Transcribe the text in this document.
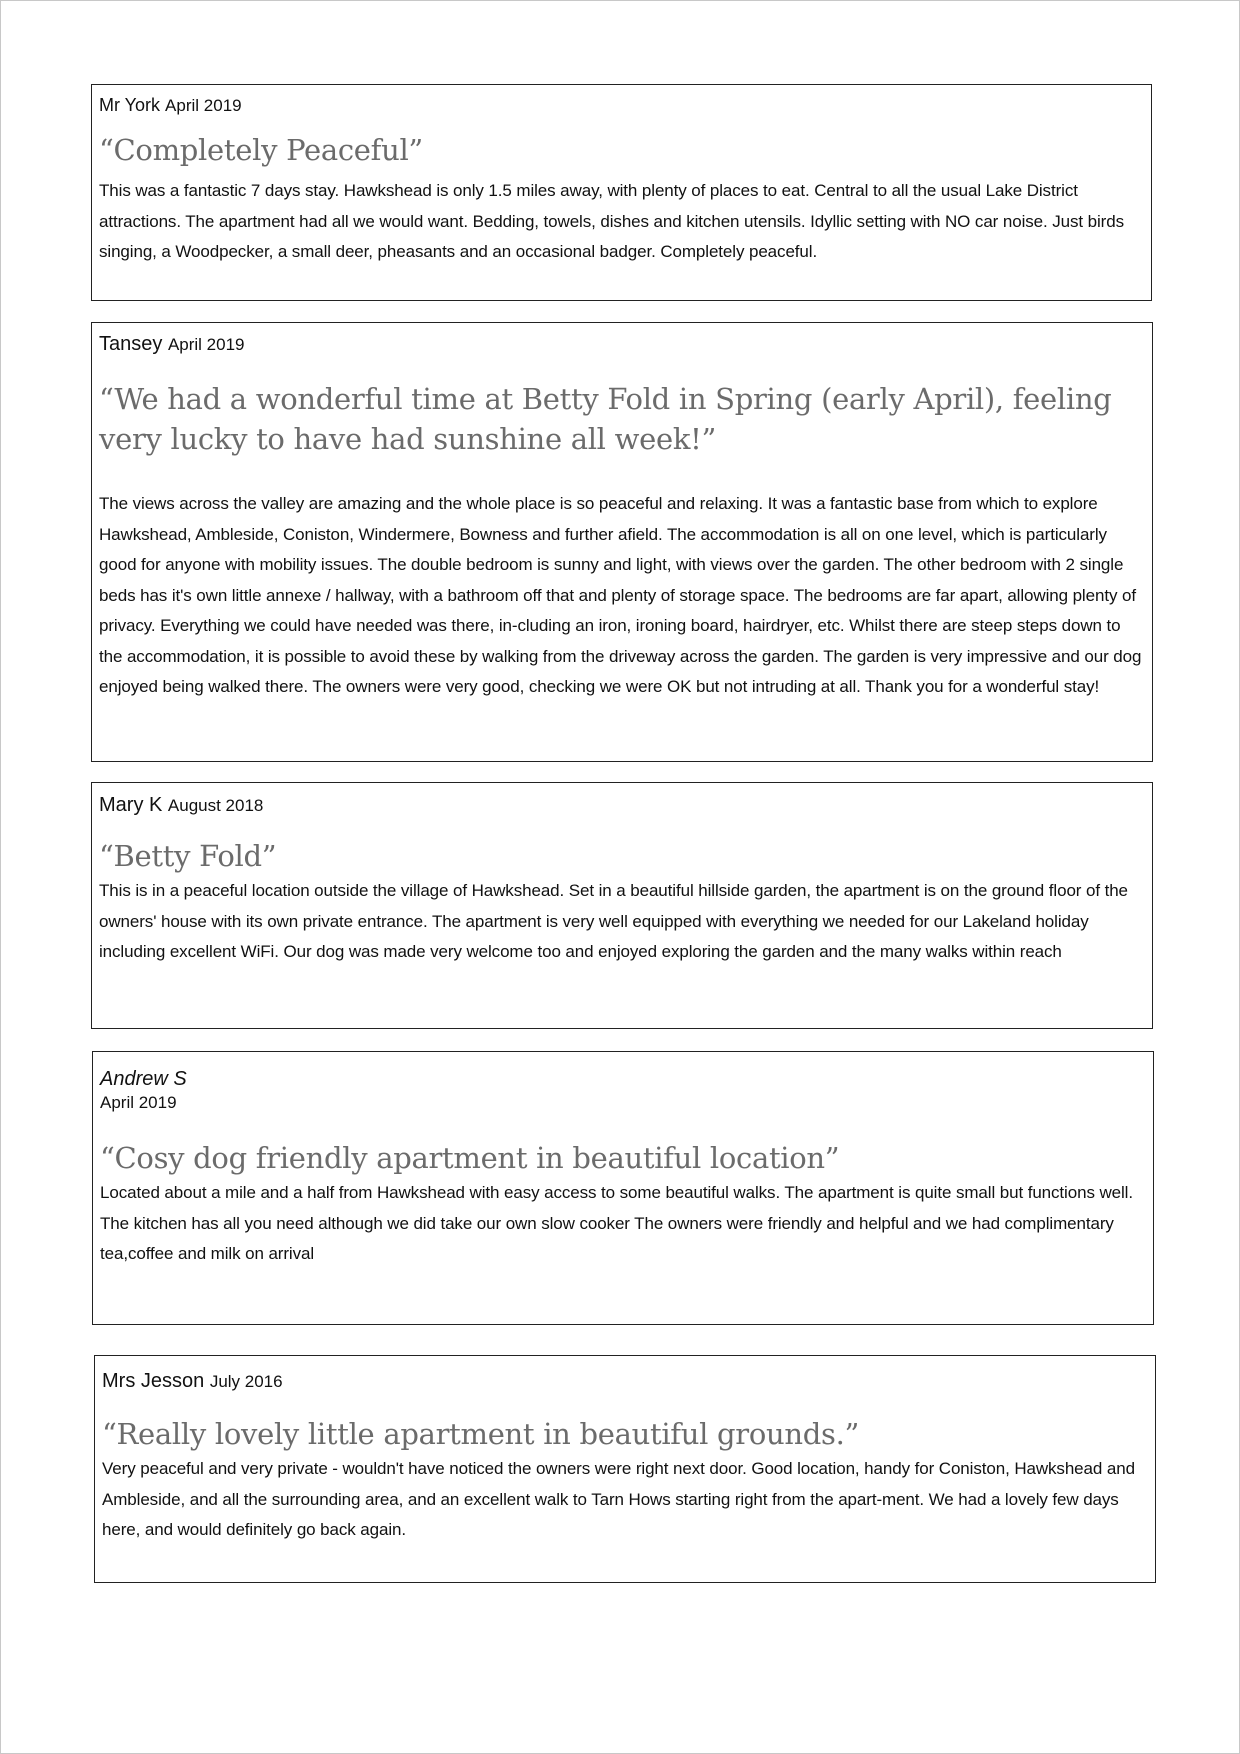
Mr York April 2019
“Completely Peaceful”
This was a fantastic 7 days stay. Hawkshead is only 1.5 miles away, with plenty of places to eat. Central to all the usual Lake District attractions. The apartment had all we would want. Bedding, towels, dishes and kitchen utensils. Idyllic setting with NO car noise. Just birds singing, a Woodpecker, a small deer, pheasants and an occasional badger. Completely peaceful.
Tansey April 2019
“We had a wonderful time at Betty Fold in Spring (early April), feeling very lucky to have had sunshine all week!”
The views across the valley are amazing and the whole place is so peaceful and relaxing. It was a fantastic base from which to explore Hawkshead, Ambleside, Coniston, Windermere, Bowness and further afield. The accommodation is all on one level, which is particularly good for anyone with mobility issues. The double bedroom is sunny and light, with views over the garden. The other bedroom with 2 single beds has it's own little annexe / hallway, with a bathroom off that and plenty of storage space. The bedrooms are far apart, allowing plenty of privacy. Everything we could have needed was there, in-cluding an iron, ironing board, hairdryer, etc. Whilst there are steep steps down to the accommodation, it is possible to avoid these by walking from the driveway across the garden. The garden is very impressive and our dog enjoyed being walked there. The owners were very good, checking we were OK but not intruding at all. Thank you for a wonderful stay!
Mary K August 2018
“Betty Fold”
This is in a peaceful location outside the village of Hawkshead. Set in a beautiful hillside garden, the apartment is on the ground floor of the owners' house with its own private entrance. The apartment is very well equipped with everything we needed for our Lakeland holiday including excellent WiFi. Our dog was made very welcome too and enjoyed exploring the garden and the many walks within reach
Andrew S
April 2019
“Cosy dog friendly apartment in beautiful location”
Located about a mile and a half from Hawkshead with easy access to some beautiful walks. The apartment is quite small but functions well. The kitchen has all you need although we did take our own slow cooker The owners were friendly and helpful and we had complimentary tea,coffee and milk on arrival
Mrs Jesson July 2016
“Really lovely little apartment in beautiful grounds.”
Very peaceful and very private - wouldn't have noticed the owners were right next door. Good location, handy for Coniston, Hawkshead and Ambleside, and all the surrounding area, and an excellent walk to Tarn Hows starting right from the apart-ment. We had a lovely few days here, and would definitely go back again.
